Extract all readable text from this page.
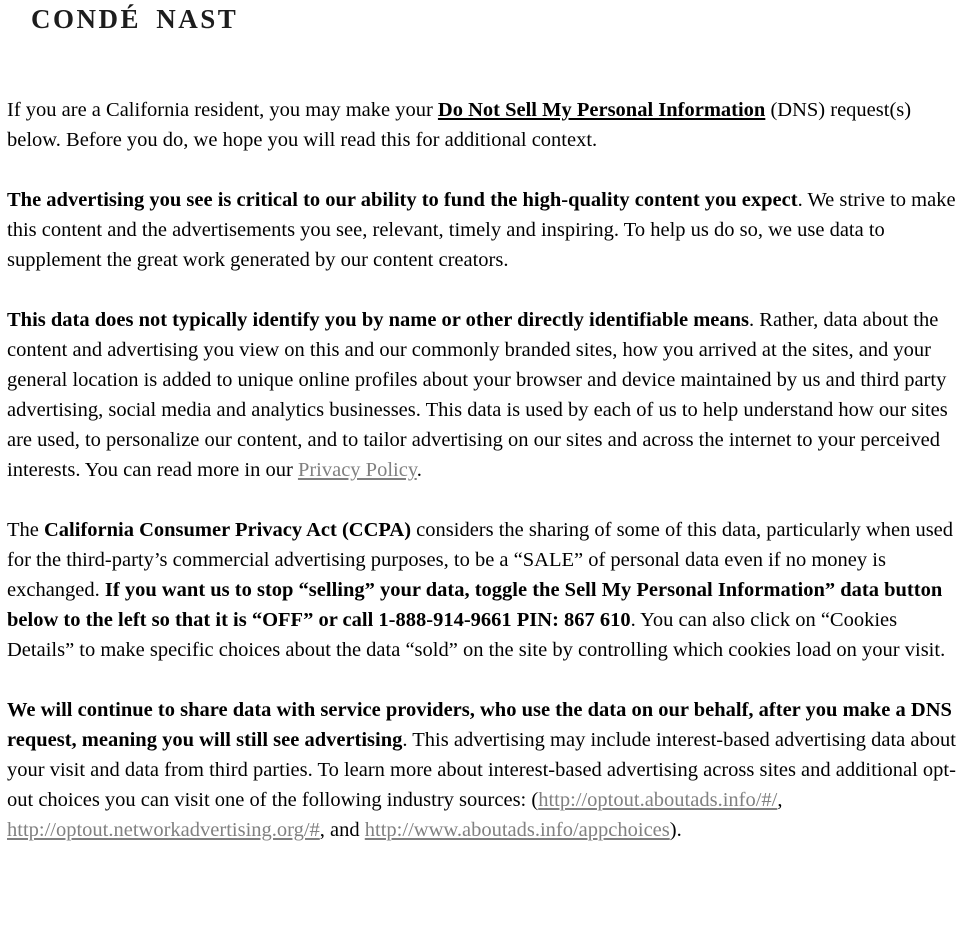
CONDÉ NAST

If you are a California resident, you may make your Do Not Sell My Personal Information (DNS) request(s) below. Before you do, we hope you will read this for additional context.

The advertising you see is critical to our ability to fund the high-quality content you expect. We strive to make this content and the advertisements you see, relevant, timely and inspiring. To help us do so, we use data to supplement the great work generated by our content creators.

This data does not typically identify you by name or other directly identifiable means. Rather, data about the content and advertising you view on this and our commonly branded sites, how you arrived at the sites, and your general location is added to unique online profiles about your browser and device maintained by us and third party advertising, social media and analytics businesses. This data is used by each of us to help understand how our sites are used, to personalize our content, and to tailor advertising on our sites and across the internet to your perceived interests. You can read more in our Privacy Policy.

The California Consumer Privacy Act (CCPA) considers the sharing of some of this data, particularly when used for the third-party’s commercial advertising purposes, to be a “SALE” of personal data even if no money is exchanged. If you want us to stop “selling” your data, toggle the Sell My Personal Information” data button below to the left so that it is “OFF” or call 1-888-914-9661 PIN: 867 610. You can also click on “Cookies Details” to make specific choices about the data “sold” on the site by controlling which cookies load on your visit.

We will continue to share data with service providers, who use the data on our behalf, after you make a DNS request, meaning you will still see advertising. This advertising may include interest-based advertising data about your visit and data from third parties. To learn more about interest-based advertising across sites and additional opt-out choices you can visit one of the following industry sources: (http://optout.aboutads.info/#/, http://optout.networkadvertising.org/#, and http://www.aboutads.info/appchoices).
